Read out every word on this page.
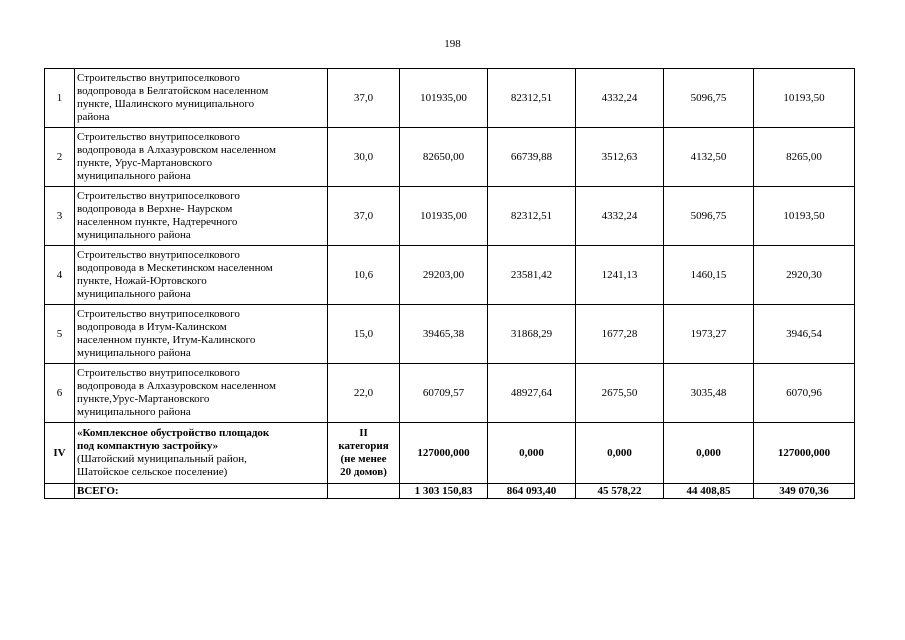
198
1	Строительство внутрипоселкового
водопровода в Белгатойском населенном
пункте, Шалинского муниципального
района	37,0	101935,00	82312,51	4332,24	5096,75	10193,50
2	Строительство внутрипоселкового
водопровода в Алхазуровском населенном
пункте, Урус-Мартановского
муниципального района	30,0	82650,00	66739,88	3512,63	4132,50	8265,00
3	Строительство внутрипоселкового
водопровода в Верхне- Наурском
населенном пункте, Надтеречного
муниципального района	37,0	101935,00	82312,51	4332,24	5096,75	10193,50
4	Строительство внутрипоселкового
водопровода в Мескетинском населенном
пункте, Ножай-Юртовского
муниципального района	10,6	29203,00	23581,42	1241,13	1460,15	2920,30
5	Строительство внутрипоселкового
водопровода в Итум-Калинском
населенном пункте, Итум-Калинского
муниципального района	15,0	39465,38	31868,29	1677,28	1973,27	3946,54
6	Строительство внутрипоселкового
водопровода в Алхазуровском населенном
пункте,Урус-Мартановского
муниципального района	22,0	60709,57	48927,64	2675,50	3035,48	6070,96
IV	«Комплексное обустройство площадок
под компактную застройку»
(Шатойский муниципальный район,
Шатойское сельское поселение)	II
категория
(не менее
20 домов)	127000,000	0,000	0,000	0,000	127000,000
	ВСЕГО:		1 303 150,83	864 093,40	45 578,22	44 408,85	349 070,36
